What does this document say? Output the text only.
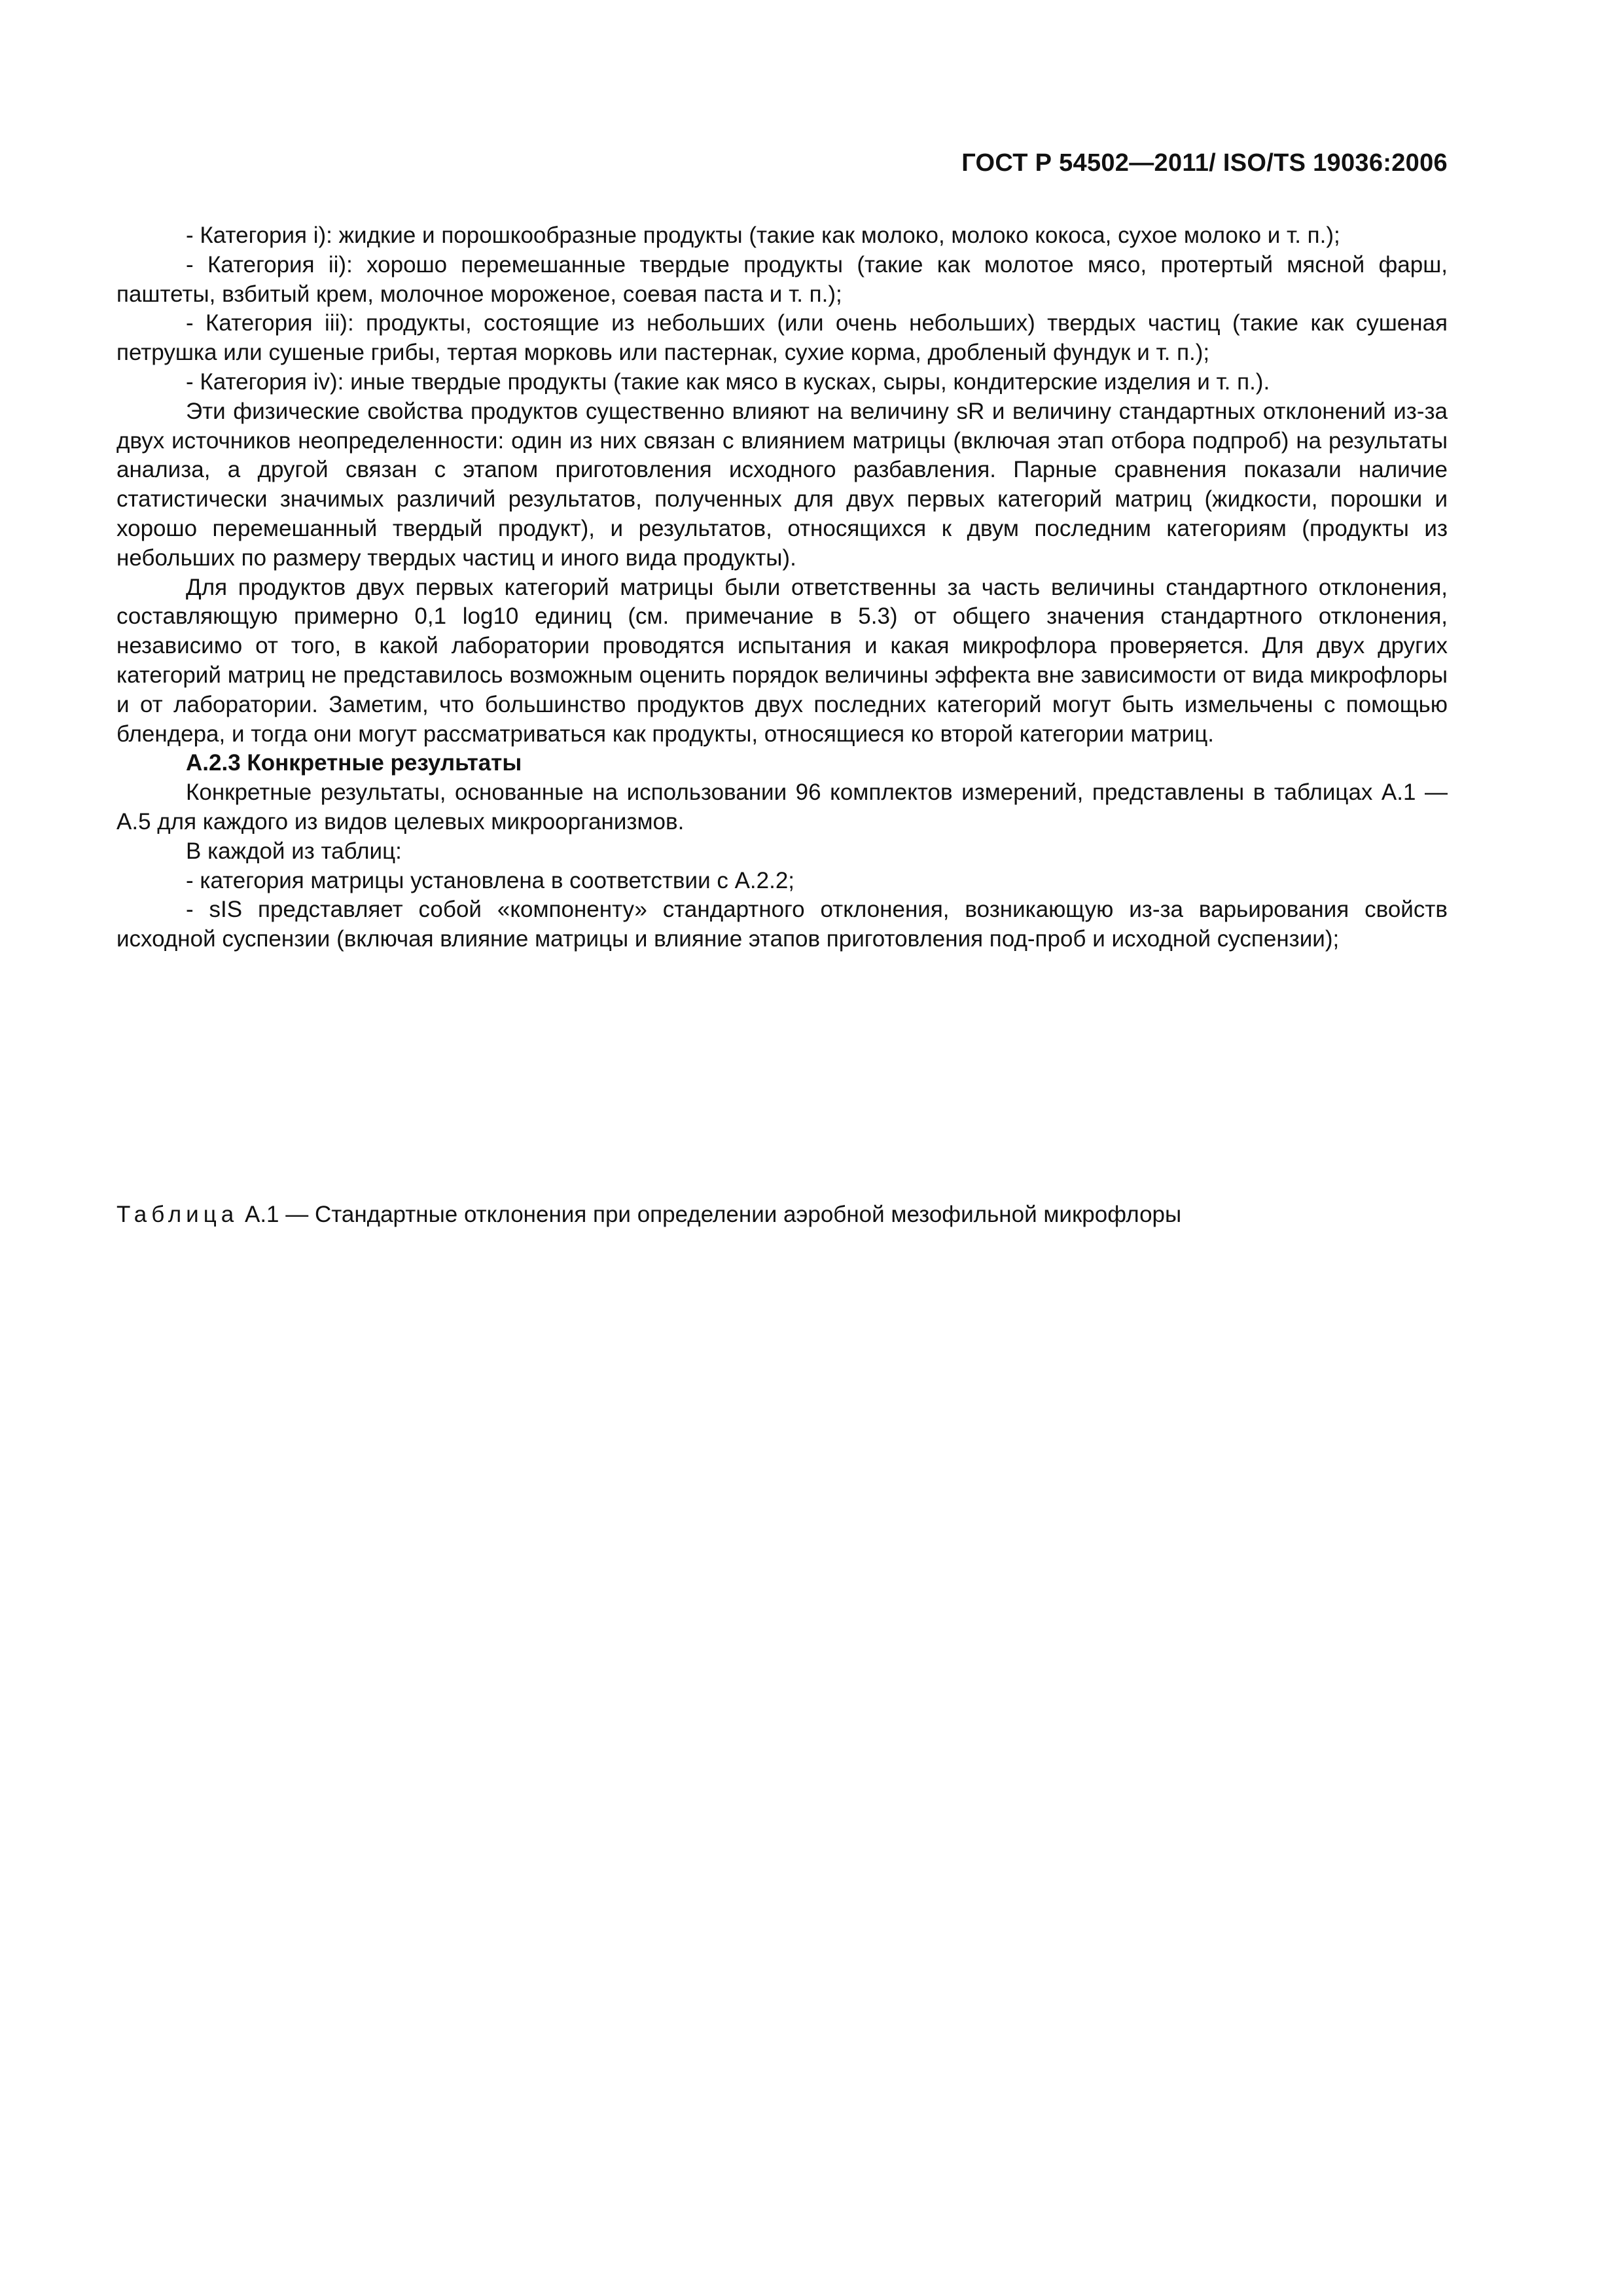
ГОСТ Р 54502—2011/ ISO/TS 19036:2006

- Категория i): жидкие и порошкообразные продукты (такие как молоко, молоко кокоса, сухое молоко и т. п.);

- Категория ii): хорошо перемешанные твердые продукты (такие как молотое мясо, протертый мясной фарш, паштеты, взбитый крем, молочное мороженое, соевая паста и т. п.);

- Категория iii): продукты, состоящие из небольших (или очень небольших) твердых частиц (такие как сушеная петрушка или сушеные грибы, тертая морковь или пастернак, сухие корма, дробленый фундук и т. п.);

- Категория iv): иные твердые продукты (такие как мясо в кусках, сыры, кондитерские изделия и т. п.).

Эти физические свойства продуктов существенно влияют на величину sR и величину стандартных отклонений из-за двух источников неопределенности: один из них связан с влиянием матрицы (включая этап отбора подпроб) на результаты анализа, а другой связан с этапом приготовления исходного разбавления. Парные сравнения показали наличие статистически значимых различий результатов, полученных для двух первых категорий матриц (жидкости, порошки и хорошо перемешанный твердый продукт), и результатов, относящихся к двум последним категориям (продукты из небольших по размеру твердых частиц и иного вида продукты).

Для продуктов двух первых категорий матрицы были ответственны за часть величины стандартного отклонения, составляющую примерно 0,1 log10 единиц (см. примечание в 5.3) от общего значения стандартного отклонения, независимо от того, в какой лаборатории проводятся испытания и какая микрофлора проверяется. Для двух других категорий матриц не представилось возможным оценить порядок величины эффекта вне зависимости от вида микрофлоры и от лаборатории. Заметим, что большинство продуктов двух последних категорий могут быть измельчены с помощью блендера, и тогда они могут рассматриваться как продукты, относящиеся ко второй категории матриц.

А.2.3 Конкретные результаты

Конкретные результаты, основанные на использовании 96 комплектов измерений, представлены в таблицах А.1 — А.5 для каждого из видов целевых микроорганизмов.

В каждой из таблиц:

- категория матрицы установлена в соответствии с А.2.2;

- sIS представляет собой «компоненту» стандартного отклонения, возникающую из-за варьирования свойств исходной суспензии (включая влияние матрицы и влияние этапов приготовления под-проб и исходной суспензии);

Таблица А.1 — Стандартные отклонения при определении аэробной мезофильной микрофлоры
